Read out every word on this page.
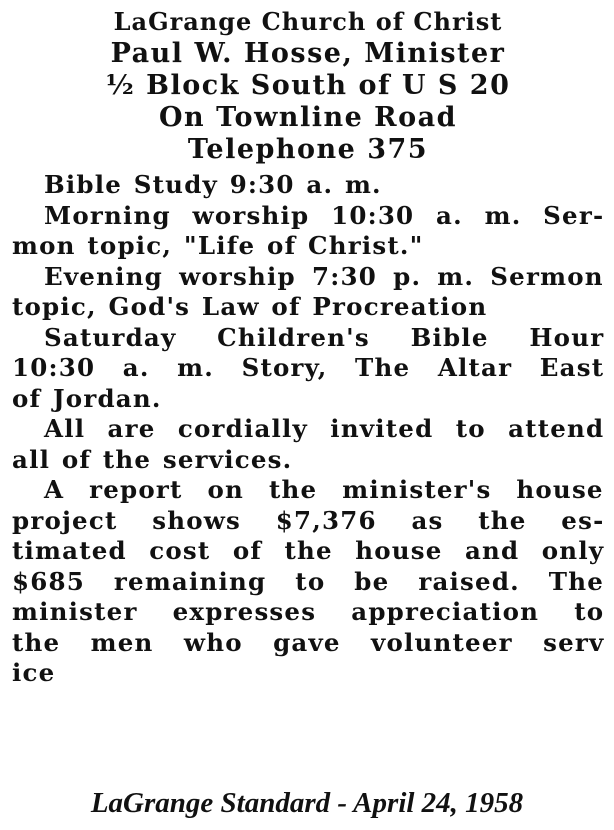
LaGrange Church of Christ
Paul W. Hosse, Minister
½ Block South of U S 20
On Townline Road
Telephone 375
Bible Study 9:30 a. m.
Morning worship 10:30 a. m. Ser-
mon topic, "Life of Christ."
Evening worship 7:30 p. m. Sermon
topic, God's Law of Procreation
Saturday Children's Bible Hour
10:30 a. m. Story, The Altar East
of Jordan.
All are cordially invited to attend
all of the services.
A report on the minister's house
project shows $7,376 as the es-
timated cost of the house and only
$685 remaining to be raised. The
minister expresses appreciation to
the men who gave volunteer serv
ice
LaGrange Standard - April 24, 1958
